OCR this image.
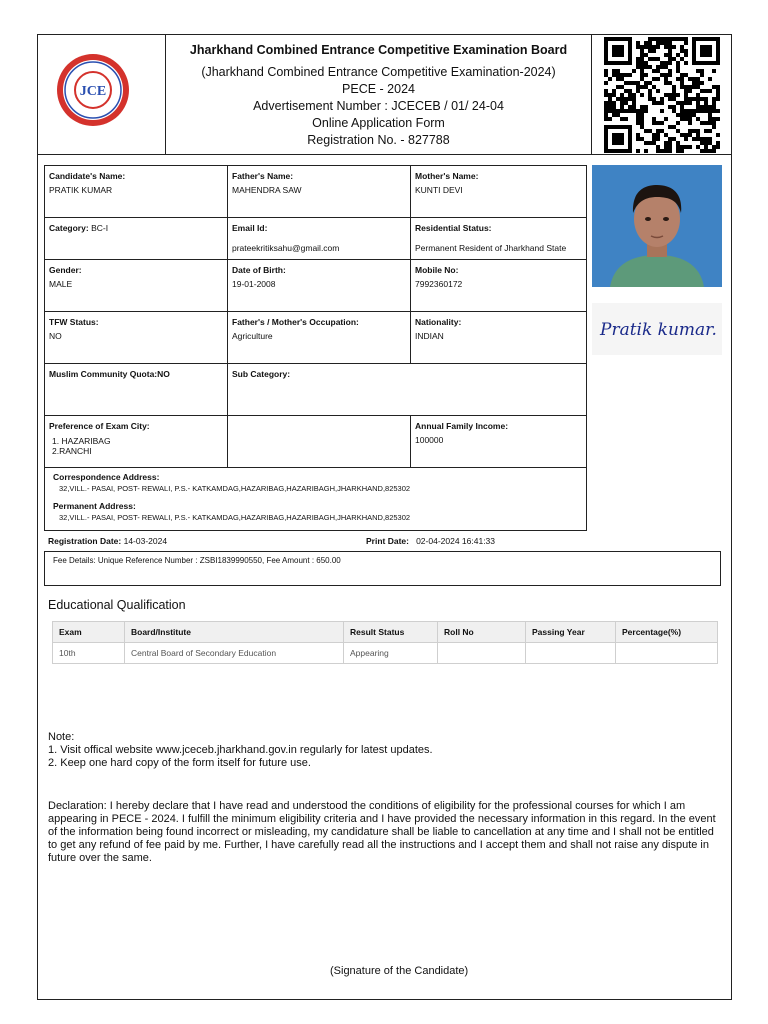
JCE
Jharkhand Combined Entrance Competitive Examination Board
(Jharkhand Combined Entrance Competitive Examination-2024)
PECE - 2024
Advertisement Number : JCECEB / 01/ 24-04
Online Application Form
Registration No. - 827788
Candidate's Name:
PRATIK KUMAR
Father's Name:
MAHENDRA SAW
Mother's Name:
KUNTI DEVI
Category: BC-I	Email Id:
prateekritiksahu@gmail.com
Residential Status:
Permanent Resident of Jharkhand State
Gender:
MALE
Date of Birth:
19-01-2008
Mobile No:
7992360172
TFW Status:
NO
Father's / Mother's Occupation:
Agriculture
Nationality:
INDIAN
Muslim Community Quota:NO	Sub Category:
Preference of Exam City:
1. HAZARIBAG
2.RANCHI
Annual Family Income:
100000
Correspondence Address:
32,VILL.- PASAI, POST- REWALI, P.S.- KATKAMDAG,HAZARIBAG,HAZARIBAGH,JHARKHAND,825302
Permanent Address:
32,VILL.- PASAI, POST- REWALI, P.S.- KATKAMDAG,HAZARIBAG,HAZARIBAGH,JHARKHAND,825302
Pratik kumar.
Registration Date: 14-03-2024	Print Date: 02-04-2024 16:41:33
Fee Details: Unique Reference Number : ZSBI1839990550, Fee Amount : 650.00
Educational Qualification
Exam	Board/Institute	Result Status	Roll No	Passing Year	Percentage(%)
10th	Central Board of Secondary Education	Appearing			
Note:
1. Visit offical website www.jceceb.jharkhand.gov.in regularly for latest updates.
2. Keep one hard copy of the form itself for future use.
Declaration: I hereby declare that I have read and understood the conditions of eligibility for the professional courses for which I am appearing in PECE - 2024. I fulfill the minimum eligibility criteria and I have provided the necessary information in this regard. In the event of the information being found incorrect or misleading, my candidature shall be liable to cancellation at any time and I shall not be entitled to get any refund of fee paid by me. Further, I have carefully read all the instructions and I accept them and shall not raise any dispute in future over the same.
(Signature of the Candidate)
